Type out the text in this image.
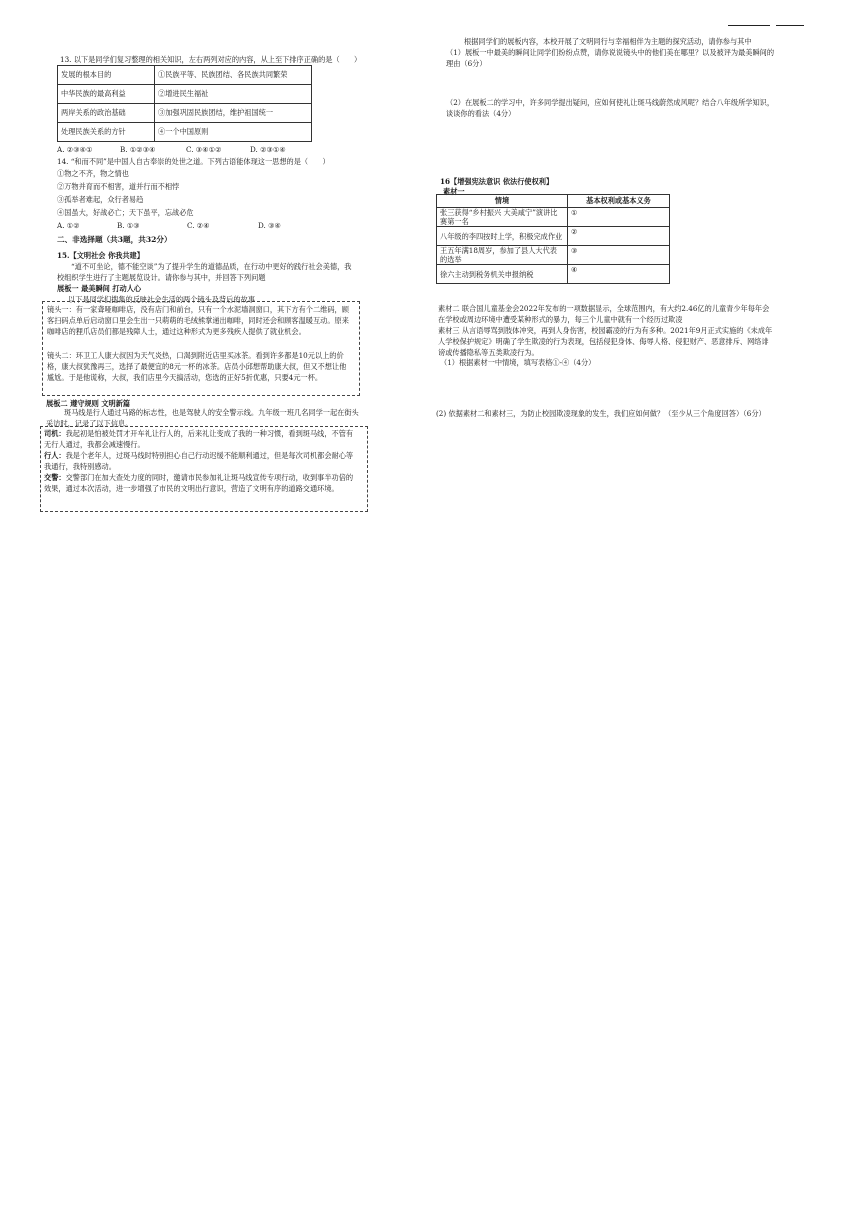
13. 以下是同学们复习整理的相关知识，左右两列对应的内容，从上至下排序正确的是（　　）
发展的根本目的	①民族平等、民族团结、各民族共同繁荣
中华民族的最高利益	②增进民生福祉
两岸关系的政治基础	③加强巩固民族团结，维护祖国统一
处理民族关系的方针	④一个中国原则
A. ②③④①	B. ①②③④	C. ③④①②	D. ②③①④
14. “和而不同”是中国人自古奉崇的处世之道。下列古语能体现这一思想的是（　　）
①物之不齐，物之情也
②万物并育而不相害，道并行而不相悖
③孤举者难起，众行者易趋
④国虽大，好战必亡；天下虽平，忘战必危
A. ①②	B. ①③	C. ②④	D. ③④
二、非选择题（共3题，共32分）
15.【文明社会 你我共建】
“道不可坐论，德不能空谈”为了提升学生的道德品质，在行动中更好的践行社会美德，我校组织学生进行了主题展览设计。请你参与其中，并回答下列问题
展板一 最美瞬间 打动人心
以下是同学们搜集的反映社会生活的两个镜头及背后的故事
镜头一：有一家聋哑咖啡店，没有店门和前台，只有一个水泥墙洞窗口，其下方有个二维码，顾客扫码点单后启动窗口里会生出一只萌萌的毛绒熊掌递出咖啡，同时还会和顾客温暖互动。原来咖啡店的狸爪店员们都是残障人士，通过这种形式为更多残疾人提供了就业机会。
镜头二：环卫工人康大叔因为天气炎热，口渴到附近店里买冰茶。看到许多都是10元以上的价格，康大叔犹豫再三，选择了最便宜的8元一杯的冰茶。店员小邱想帮助康大叔，但又不想让他尴尬。于是他谎称，大叔，我们店里今天搞活动，您选的正好5折优惠，只要4元一杯。
展板二 遵守规则 文明新篇
斑马线是行人通过马路的标志性，也是驾驶人的安全警示线。九年级一班几名同学一起在街头采访时，记录了以下信息。
司机：我起初是怕被处罚才开车礼让行人的，后来礼让变成了我的一种习惯，看到斑马线，不管有无行人通过，我都会减速慢行。
行人：我是个老年人，过斑马线时特别担心自己行动迟缓不能顺利通过，但是每次司机都会耐心等我通行，我特别感动。
交警：交警部门在加大查处力度的同时，邀请市民参加礼让斑马线宣传专项行动，收到事半功倍的效果，通过本次活动，进一步增强了市民的文明出行意识，营造了文明有序的道路交通环境。
根据同学们的展板内容，本校开展了文明同行与幸福相伴为主题的探究活动，请你参与其中
（1）展板一中最美的瞬间让同学们纷纷点赞，请你说说镜头中的他们美在哪里？以及被评为最美瞬间的理由（6分）
（2）在展板二的学习中，许多同学提出疑问，应如何使礼让斑马线蔚然成风呢？结合八年级所学知识，谈谈你的看法（4分）
16【增强宪法意识 依法行使权利】
素材一
情境	基本权利或基本义务
张三获得“乡村振兴 大美咸宁”演讲比赛第一名	①
八年级的李四按时上学，积极完成作业	②
王五年满18周岁，参加了县人大代表的选举	③
徐六主动到税务机关申报纳税	④
素材二 联合国儿童基金会2022年发布的一项数据显示，全球范围内，有大约2.46亿的儿童青少年每年会在学校或周边环境中遭受某种形式的暴力，每三个儿童中就有一个经历过欺凌
素材三 从言语辱骂到肢体冲突，再到人身伤害，校园霸凌的行为有多种。2021年9月正式实施的《未成年人学校保护规定》明确了学生欺凌的行为表现，包括侵犯身体、侮辱人格、侵犯财产、恶意排斥、网络诽谤或传播隐私等五类欺凌行为。
（1）根据素材一中情境，填写表格①-④（4分）
(2) 依据素材二和素材三，为防止校园欺凌现象的发生，我们应如何做？（至少从三个角度回答）（6分）
